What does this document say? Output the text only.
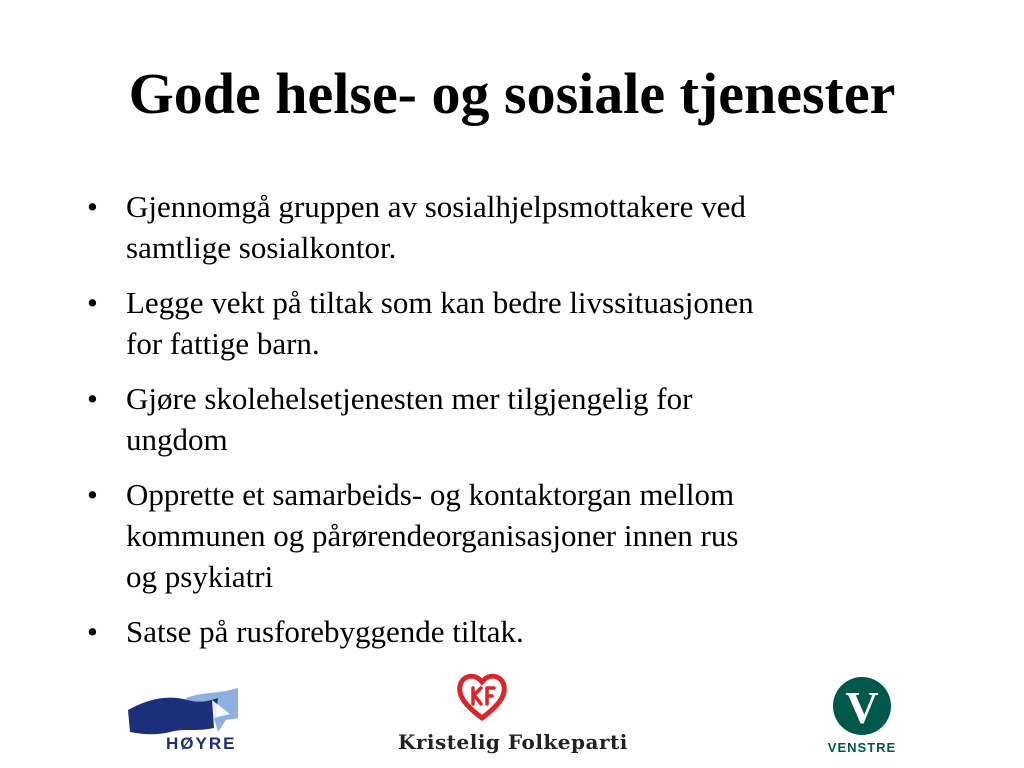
Gode helse- og sosiale tjenester
• Gjennomgå gruppen av sosialhjelpsmottakere ved
samtlige sosialkontor.
• Legge vekt på tiltak som kan bedre livssituasjonen
for fattige barn.
• Gjøre skolehelsetjenesten mer tilgjengelig for
ungdom
• Opprette et samarbeids- og kontaktorgan mellom
kommunen og pårørendeorganisasjoner innen rus
og psykiatri
• Satse på rusforebyggende tiltak.
HØYRE	Kristelig Folkeparti
V
VENSTRE
